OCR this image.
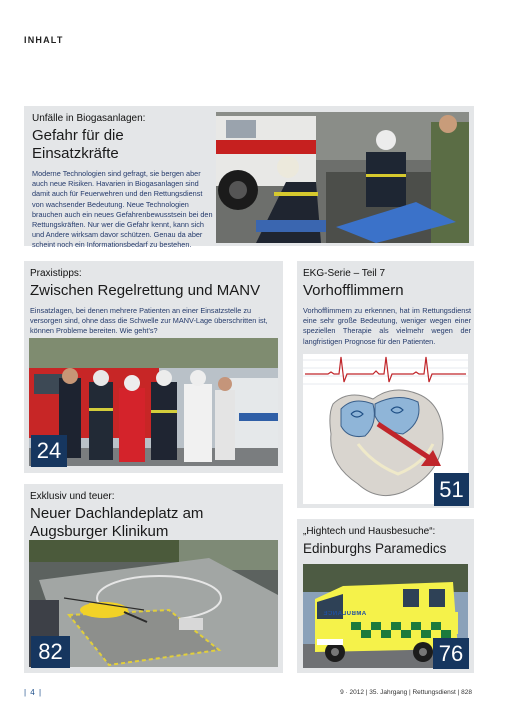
INHALT
Unfälle in Biogasanlagen:
Gefahr für die Einsatzkräfte
Moderne Technologien sind gefragt, sie bergen aber auch neue Risiken. Havarien in Biogasanlagen sind damit auch für Feuerwehren und den Rettungsdienst von wachsender Bedeutung. Neue Technologien brauchen auch ein neues Gefahrenbewusstsein bei den Rettungskräften. Nur wer die Gefahr kennt, kann sich und Andere wirksam davor schützen. Genau da aber scheint noch ein Informationsbedarf zu bestehen.
Praxistipps:
Zwischen Regelrettung und MANV
Einsatzlagen, bei denen mehrere Patienten an einer Einsatzstelle zu versorgen sind, ohne dass die Schwelle zur MANV-Lage überschritten ist, können Probleme bereiten. Wie geht's?
24
EKG-Serie – Teil 7
Vorhofflimmern
Vorhofflimmern zu erkennen, hat im Rettungsdienst eine sehr große Bedeutung, weniger wegen einer speziellen Therapie als vielmehr wegen der langfristigen Prognose für den Patienten.
51
Exklusiv und teuer:
Neuer Dachlandeplatz am Augsburger Klinikum
82
„Hightech und Hausbesuche“:
Edinburghs Paramedics
AMBULANCE
76
| 4 |	9 · 2012 | 35. Jahrgang | Rettungsdienst | 828
